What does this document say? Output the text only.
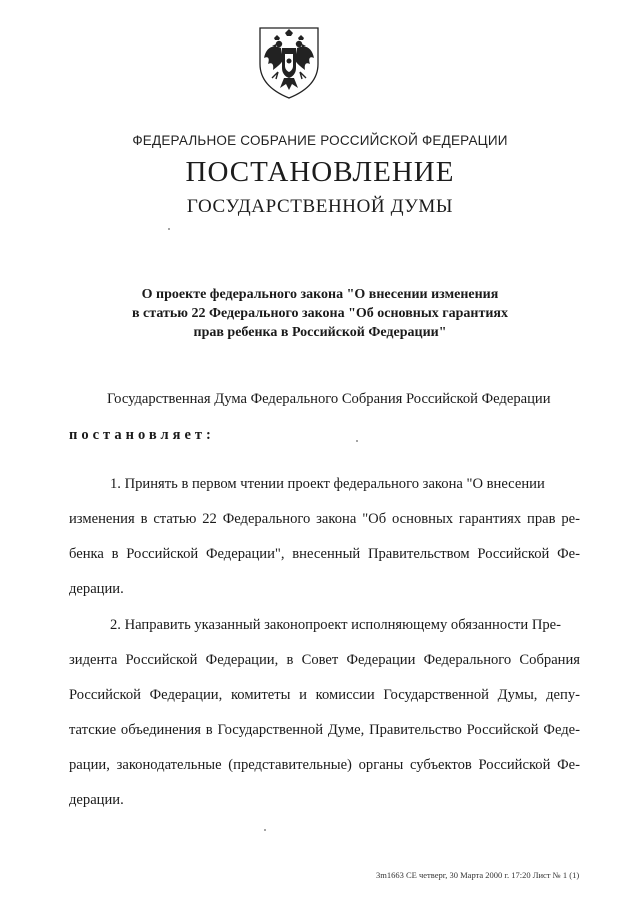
ФЕДЕРАЛЬНОЕ СОБРАНИЕ РОССИЙСКОЙ ФЕДЕРАЦИИ
ПОСТАНОВЛЕНИЕ
ГОСУДАРСТВЕННОЙ ДУМЫ
О проекте федерального закона "О внесении изменения
в статью 22 Федерального закона "Об основных гарантиях
прав ребенка в Российской Федерации"
Государственная Дума Федерального Собрания Российской Федерации
постановляет:
1. Принять в первом чтении проект федерального закона "О внесении
изменения в статью 22 Федерального закона "Об основных гарантиях прав ре-
бенка в Российской Федерации", внесенный Правительством Российской Фе-
дерации.
2. Направить указанный законопроект исполняющему обязанности Пре-
зидента Российской Федерации, в Совет Федерации Федерального Собрания
Российской Федерации, комитеты и комиссии Государственной Думы, депу-
татские объединения в Государственной Думе, Правительство Российской Феде-
рации, законодательные (представительные) органы субъектов Российской Фе-
дерации.
3m1663 CE четверг, 30 Марта 2000 г. 17:20 Лист № 1 (1)
